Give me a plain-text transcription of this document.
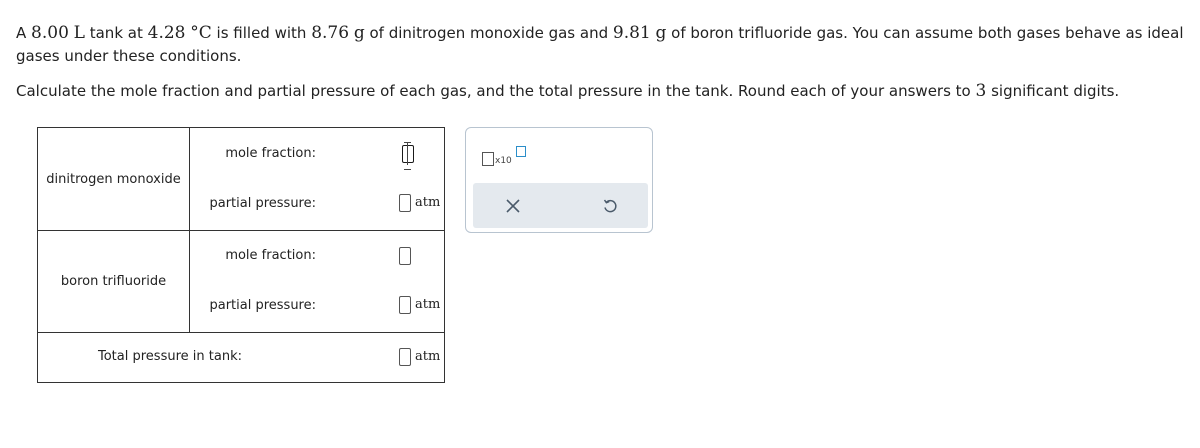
A 8.00 L tank at 4.28 °C is filled with 8.76 g of dinitrogen monoxide gas and 9.81 g of boron trifluoride gas. You can assume both gases behave as ideal gases under these conditions.

Calculate the mole fraction and partial pressure of each gas, and the total pressure in the tank. Round each of your answers to 3 significant digits.

dinitrogen monoxide
mole fraction:
partial pressure:	atm
boron trifluoride
mole fraction:
partial pressure:	atm
Total pressure in tank:	atm
x10
